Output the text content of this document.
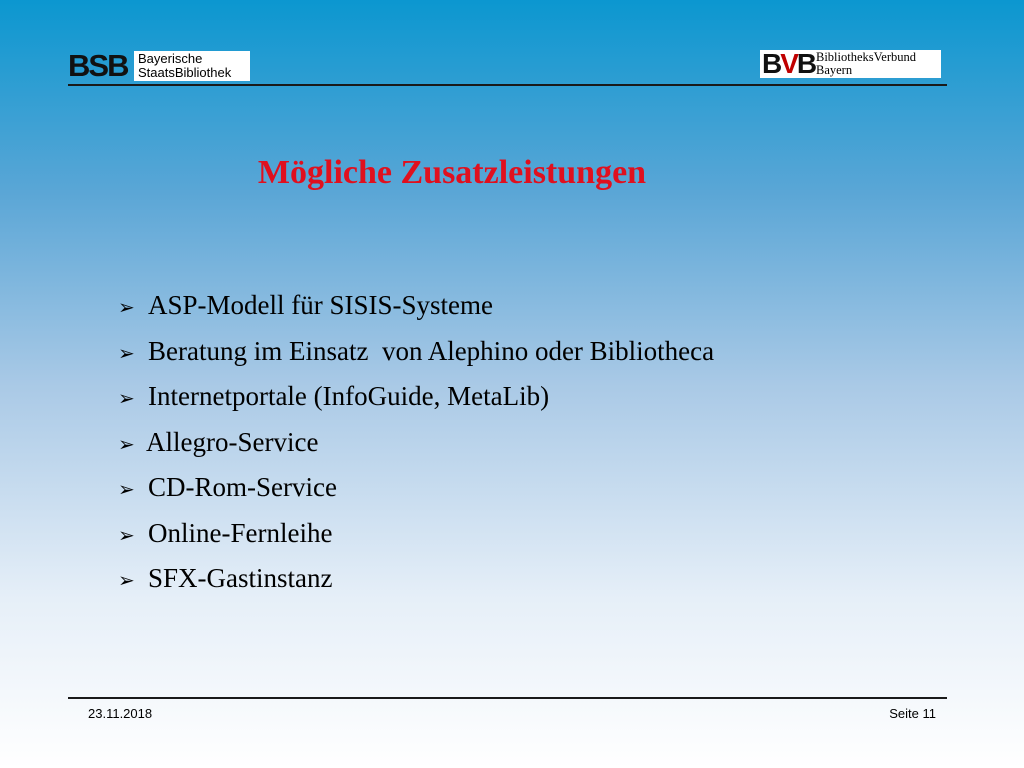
BSB Bayerische
StaatsBibliothek	BVB BibliotheksVerbund
Bayern
Mögliche Zusatzleistungen
➢ ASP-Modell für SISIS-Systeme
➢ Beratung im Einsatz  von Alephino oder Bibliotheca
➢ Internetportale (InfoGuide, MetaLib)
➢ Allegro-Service
➢ CD-Rom-Service
➢ Online-Fernleihe
➢ SFX-Gastinstanz
23.11.2018	Seite 11
